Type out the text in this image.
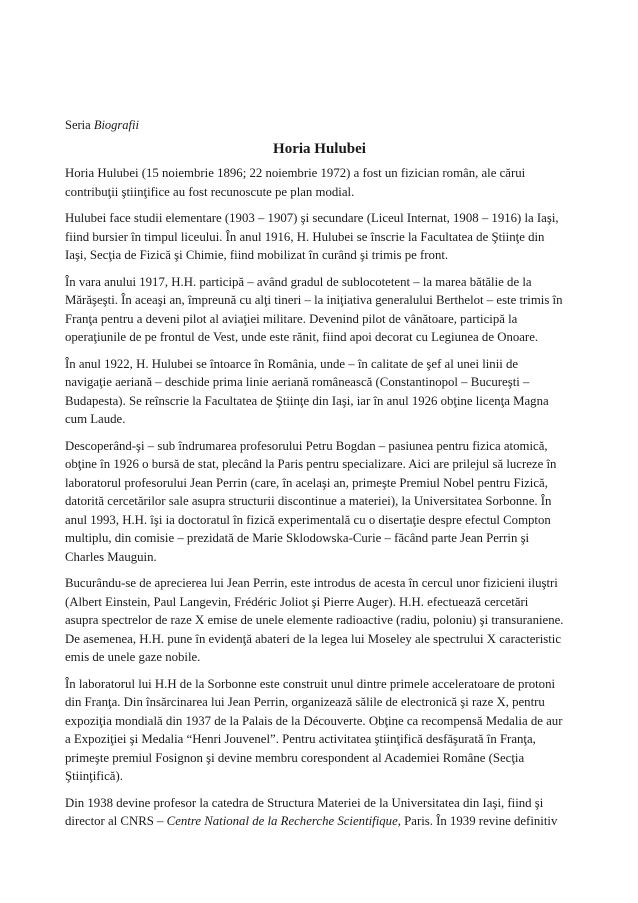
Seria Biografii
Horia Hulubei

Horia Hulubei (15 noiembrie 1896; 22 noiembrie 1972) a fost un fizician român, ale cărui
contribuţii ştiinţifice au fost recunoscute pe plan modial.

Hulubei face studii elementare (1903 – 1907) şi secundare (Liceul Internat, 1908 – 1916) la Iaşi,
fiind bursier în timpul liceului. În anul 1916, H. Hulubei se înscrie la Facultatea de Ştiinţe din
Iaşi, Secţia de Fizică şi Chimie, fiind mobilizat în curând şi trimis pe front.

În vara anului 1917, H.H. participă – având gradul de sublocotetent – la marea bătălie de la
Mărăşeşti. În aceaşi an, împreună cu alţi tineri – la iniţiativa generalului Berthelot – este trimis în
Franţa pentru a deveni pilot al aviaţiei militare. Devenind pilot de vânătoare, participă la
operaţiunile de pe frontul de Vest, unde este rănit, fiind apoi decorat cu Legiunea de Onoare.

În anul 1922, H. Hulubei se întoarce în România, unde – în calitate de şef al unei linii de
navigaţie aeriană – deschide prima linie aeriană românească (Constantinopol – Bucureşti –
Budapesta). Se reînscrie la Facultatea de Ştiinţe din Iaşi, iar în anul 1926 obţine licenţa Magna
cum Laude.

Descoperând-şi – sub îndrumarea profesorului Petru Bogdan – pasiunea pentru fizica atomică,
obţine în 1926 o bursă de stat, plecând la Paris pentru specializare. Aici are prilejul să lucreze în
laboratorul profesorului Jean Perrin (care, în acelaşi an, primeşte Premiul Nobel pentru Fizică,
datorită cercetărilor sale asupra structurii discontinue a materiei), la Universitatea Sorbonne. În
anul 1993, H.H. îşi ia doctoratul în fizică experimentală cu o disertaţie despre efectul Compton
multiplu, din comisie – prezidată de Marie Sklodowska-Curie – făcând parte Jean Perrin şi
Charles Mauguin.

Bucurându-se de aprecierea lui Jean Perrin, este introdus de acesta în cercul unor fizicieni iluştri
(Albert Einstein, Paul Langevin, Frédéric Joliot şi Pierre Auger). H.H. efectuează cercetări
asupra spectrelor de raze X emise de unele elemente radioactive (radiu, poloniu) şi transuraniene.
De asemenea, H.H. pune în evidenţă abateri de la legea lui Moseley ale spectrului X caracteristic
emis de unele gaze nobile.

În laboratorul lui H.H de la Sorbonne este construit unul dintre primele acceleratoare de protoni
din Franţa. Din însărcinarea lui Jean Perrin, organizează sălile de electronică şi raze X, pentru
expoziţia mondială din 1937 de la Palais de la Découverte. Obţine ca recompensă Medalia de aur
a Expoziţiei şi Medalia “Henri Jouvenel”. Pentru activitatea ştiinţifică desfăşurată în Franţa,
primeşte premiul Fosignon şi devine membru corespondent al Academiei Române (Secţia
Ştiinţifică).

Din 1938 devine profesor la catedra de Structura Materiei de la Universitatea din Iaşi, fiind şi
director al CNRS – Centre National de la Recherche Scientifique, Paris. În 1939 revine definitiv
